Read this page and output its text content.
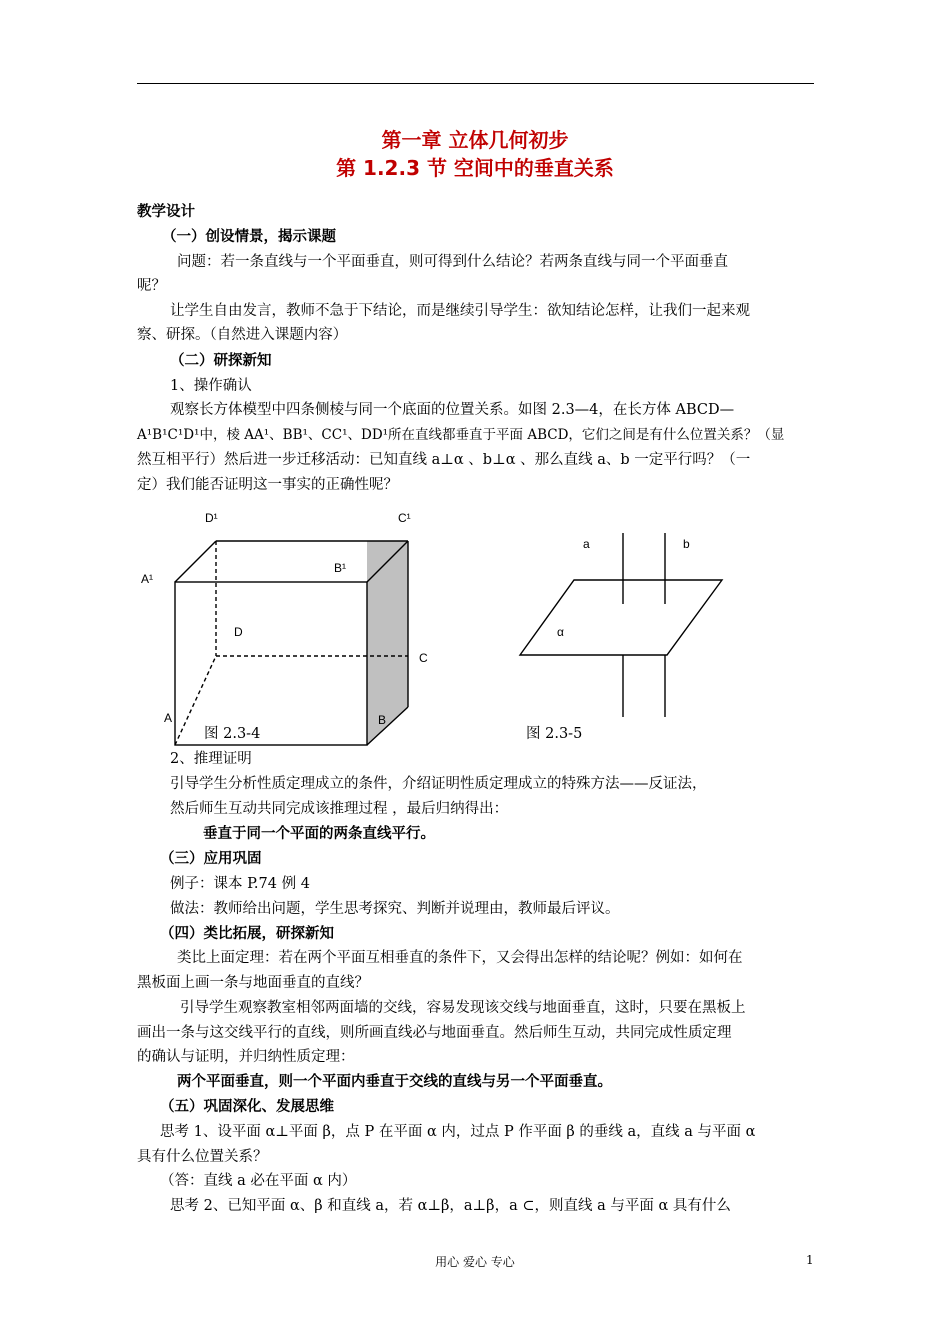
第一章 立体几何初步
第 1.2.3 节 空间中的垂直关系
教学设计
（一）创设情景，揭示课题
问题：若一条直线与一个平面垂直，则可得到什么结论？若两条直线与同一个平面垂直
呢？
让学生自由发言，教师不急于下结论，而是继续引导学生：欲知结论怎样，让我们一起来观
察、研探。（自然进入课题内容）
（二）研探新知
1、操作确认
观察长方体模型中四条侧棱与同一个底面的位置关系。如图 2.3—4，在长方体 ABCD—
A¹B¹C¹D¹中，棱 AA¹、BB¹、CC¹、DD¹所在直线都垂直于平面 ABCD，它们之间是有什么位置关系？（显
然互相平行）然后进一步迁移活动：已知直线 a⊥α 、b⊥α 、那么直线 a、b 一定平行吗？（一
定）我们能否证明这一事实的正确性呢？
D¹	C¹
A¹
B¹
D
C
A	B
图 2.3-4
a	b
α
图 2.3-5
2、推理证明
引导学生分析性质定理成立的条件，介绍证明性质定理成立的特殊方法——反证法，
然后师生互动共同完成该推理过程 ，最后归纳得出：
垂直于同一个平面的两条直线平行。
（三）应用巩固
例子：课本 P.74 例 4
做法：教师给出问题，学生思考探究、判断并说理由，教师最后评议。
（四）类比拓展，研探新知
类比上面定理：若在两个平面互相垂直的条件下，又会得出怎样的结论呢？例如：如何在
黑板面上画一条与地面垂直的直线？
引导学生观察教室相邻两面墙的交线，容易发现该交线与地面垂直，这时，只要在黑板上
画出一条与这交线平行的直线，则所画直线必与地面垂直。然后师生互动，共同完成性质定理
的确认与证明，并归纳性质定理：
两个平面垂直，则一个平面内垂直于交线的直线与另一个平面垂直。
（五）巩固深化、发展思维
思考 1、设平面 α⊥平面 β，点 P 在平面 α 内，过点 P 作平面 β 的垂线 a，直线 a 与平面 α
具有什么位置关系？
（答：直线 a 必在平面 α 内）
思考 2、已知平面 α、β 和直线 a，若 α⊥β，a⊥β，a ⊂，则直线 a 与平面 α 具有什么
用心 爱心 专心	1
